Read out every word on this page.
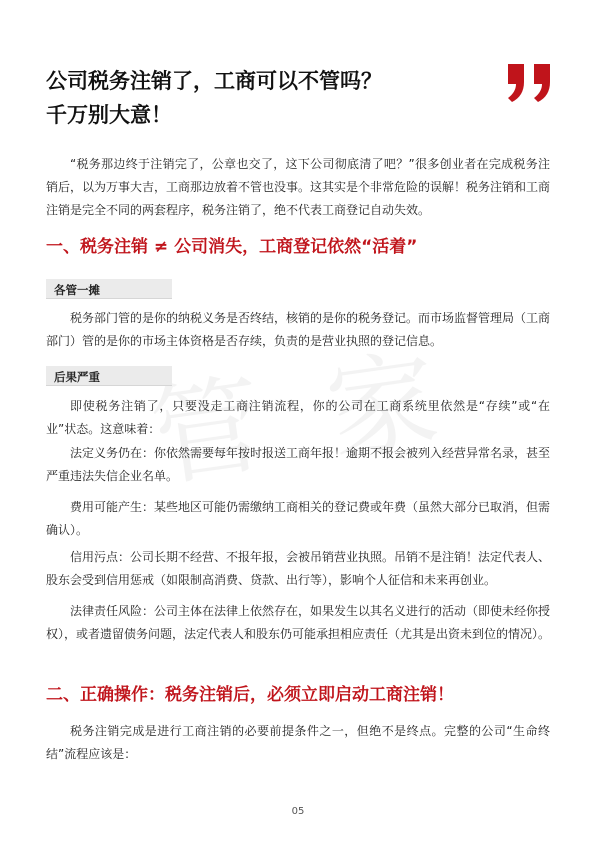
公司税务注销了，工商可以不管吗？
千万别大意！

“税务那边终于注销完了，公章也交了，这下公司彻底清了吧？”很多创业者在完成税务注销后，以为万事大吉，工商那边放着不管也没事。这其实是个非常危险的误解！税务注销和工商注销是完全不同的两套程序，税务注销了，绝不代表工商登记自动失效。

一、税务注销 ≠ 公司消失，工商登记依然“活着”
各管一摊

税务部门管的是你的纳税义务是否终结，核销的是你的税务登记。而市场监督管理局（工商部门）管的是你的市场主体资格是否存续，负责的是营业执照的登记信息。

后果严重

即使税务注销了，只要没走工商注销流程，你的公司在工商系统里依然是“存续”或“在业”状态。这意味着：

法定义务仍在：你依然需要每年按时报送工商年报！逾期不报会被列入经营异常名录，甚至严重违法失信企业名单。

费用可能产生：某些地区可能仍需缴纳工商相关的登记费或年费（虽然大部分已取消，但需确认）。

信用污点：公司长期不经营、不报年报，会被吊销营业执照。吊销不是注销！法定代表人、股东会受到信用惩戒（如限制高消费、贷款、出行等），影响个人征信和未来再创业。

法律责任风险：公司主体在法律上依然存在，如果发生以其名义进行的活动（即使未经你授权），或者遗留债务问题，法定代表人和股东仍可能承担相应责任（尤其是出资未到位的情况）。

二、正确操作：税务注销后，必须立即启动工商注销！

税务注销完成是进行工商注销的必要前提条件之一，但绝不是终点。完整的公司“生命终结”流程应该是：

05
